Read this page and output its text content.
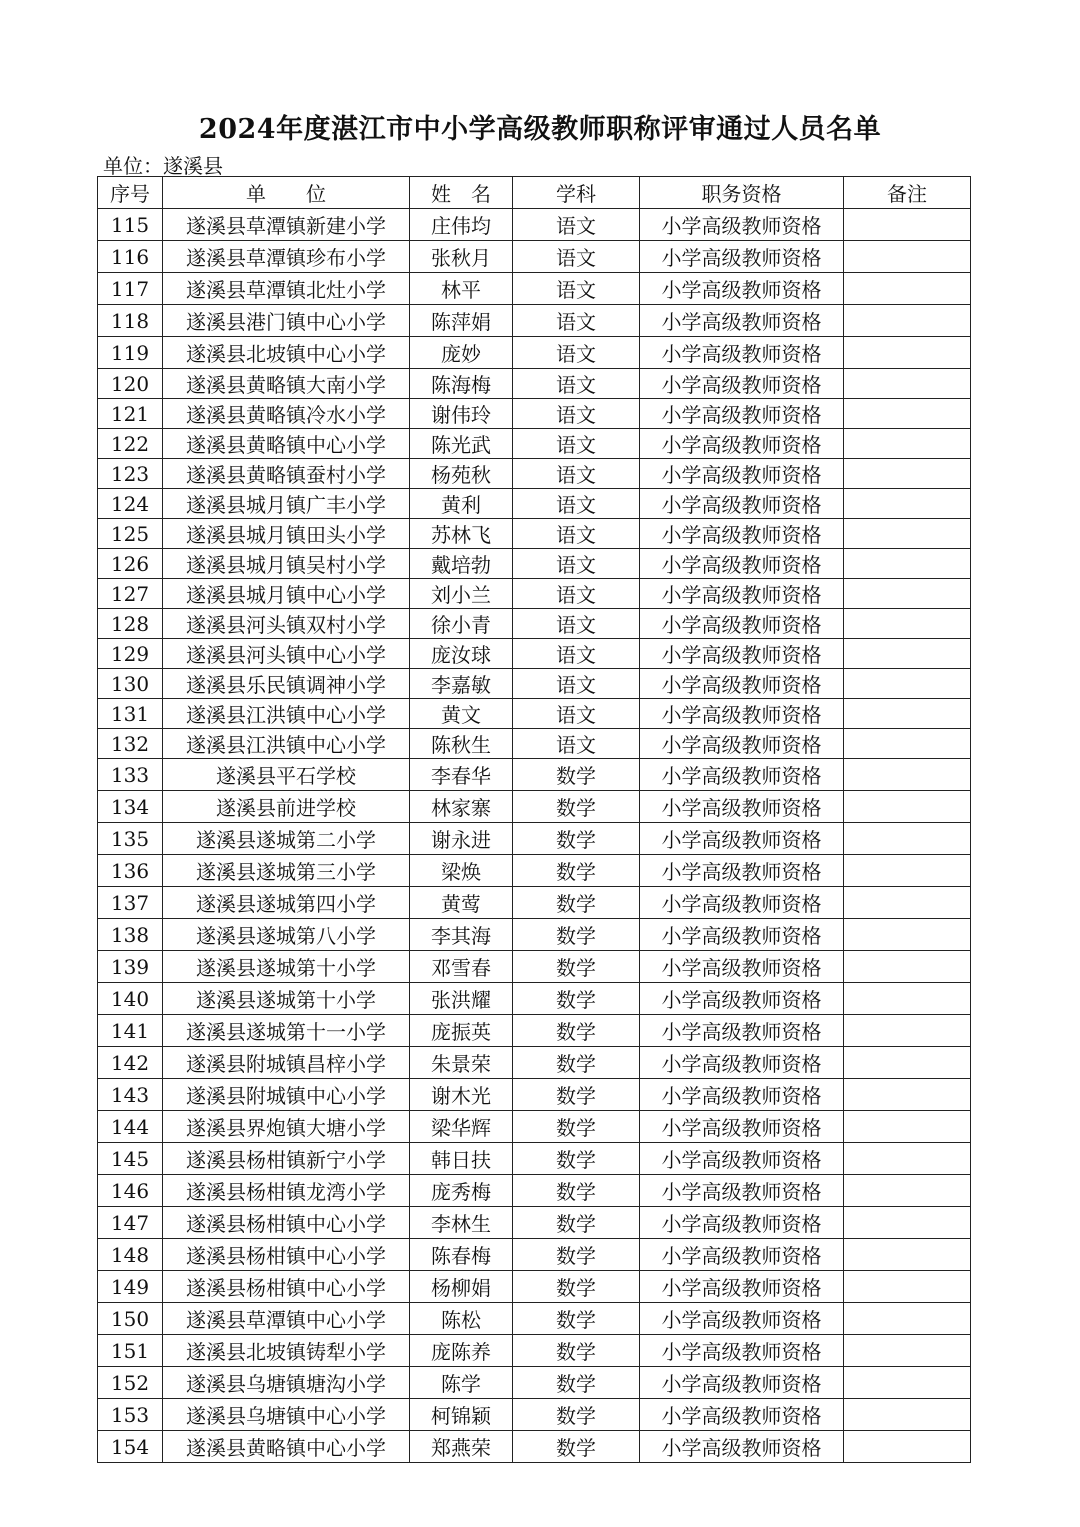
2024年度湛江市中小学高级教师职称评审通过人员名单
单位：遂溪县
序号	单　　位	姓　名	学科	职务资格	备注
115	遂溪县草潭镇新建小学	庄伟均	语文	小学高级教师资格	
116	遂溪县草潭镇珍布小学	张秋月	语文	小学高级教师资格	
117	遂溪县草潭镇北灶小学	林平	语文	小学高级教师资格	
118	遂溪县港门镇中心小学	陈萍娟	语文	小学高级教师资格	
119	遂溪县北坡镇中心小学	庞妙	语文	小学高级教师资格	
120	遂溪县黄略镇大南小学	陈海梅	语文	小学高级教师资格	
121	遂溪县黄略镇冷水小学	谢伟玲	语文	小学高级教师资格	
122	遂溪县黄略镇中心小学	陈光武	语文	小学高级教师资格	
123	遂溪县黄略镇蚕村小学	杨苑秋	语文	小学高级教师资格	
124	遂溪县城月镇广丰小学	黄利	语文	小学高级教师资格	
125	遂溪县城月镇田头小学	苏林飞	语文	小学高级教师资格	
126	遂溪县城月镇吴村小学	戴培勃	语文	小学高级教师资格	
127	遂溪县城月镇中心小学	刘小兰	语文	小学高级教师资格	
128	遂溪县河头镇双村小学	徐小青	语文	小学高级教师资格	
129	遂溪县河头镇中心小学	庞汝球	语文	小学高级教师资格	
130	遂溪县乐民镇调神小学	李嘉敏	语文	小学高级教师资格	
131	遂溪县江洪镇中心小学	黄文	语文	小学高级教师资格	
132	遂溪县江洪镇中心小学	陈秋生	语文	小学高级教师资格	
133	遂溪县平石学校	李春华	数学	小学高级教师资格	
134	遂溪县前进学校	林家寨	数学	小学高级教师资格	
135	遂溪县遂城第二小学	谢永进	数学	小学高级教师资格	
136	遂溪县遂城第三小学	梁焕	数学	小学高级教师资格	
137	遂溪县遂城第四小学	黄莺	数学	小学高级教师资格	
138	遂溪县遂城第八小学	李其海	数学	小学高级教师资格	
139	遂溪县遂城第十小学	邓雪春	数学	小学高级教师资格	
140	遂溪县遂城第十小学	张洪耀	数学	小学高级教师资格	
141	遂溪县遂城第十一小学	庞振英	数学	小学高级教师资格	
142	遂溪县附城镇昌梓小学	朱景荣	数学	小学高级教师资格	
143	遂溪县附城镇中心小学	谢木光	数学	小学高级教师资格	
144	遂溪县界炮镇大塘小学	梁华辉	数学	小学高级教师资格	
145	遂溪县杨柑镇新宁小学	韩日扶	数学	小学高级教师资格	
146	遂溪县杨柑镇龙湾小学	庞秀梅	数学	小学高级教师资格	
147	遂溪县杨柑镇中心小学	李林生	数学	小学高级教师资格	
148	遂溪县杨柑镇中心小学	陈春梅	数学	小学高级教师资格	
149	遂溪县杨柑镇中心小学	杨柳娟	数学	小学高级教师资格	
150	遂溪县草潭镇中心小学	陈松	数学	小学高级教师资格	
151	遂溪县北坡镇铸犁小学	庞陈养	数学	小学高级教师资格	
152	遂溪县乌塘镇塘沟小学	陈学	数学	小学高级教师资格	
153	遂溪县乌塘镇中心小学	柯锦颖	数学	小学高级教师资格	
154	遂溪县黄略镇中心小学	郑燕荣	数学	小学高级教师资格	
